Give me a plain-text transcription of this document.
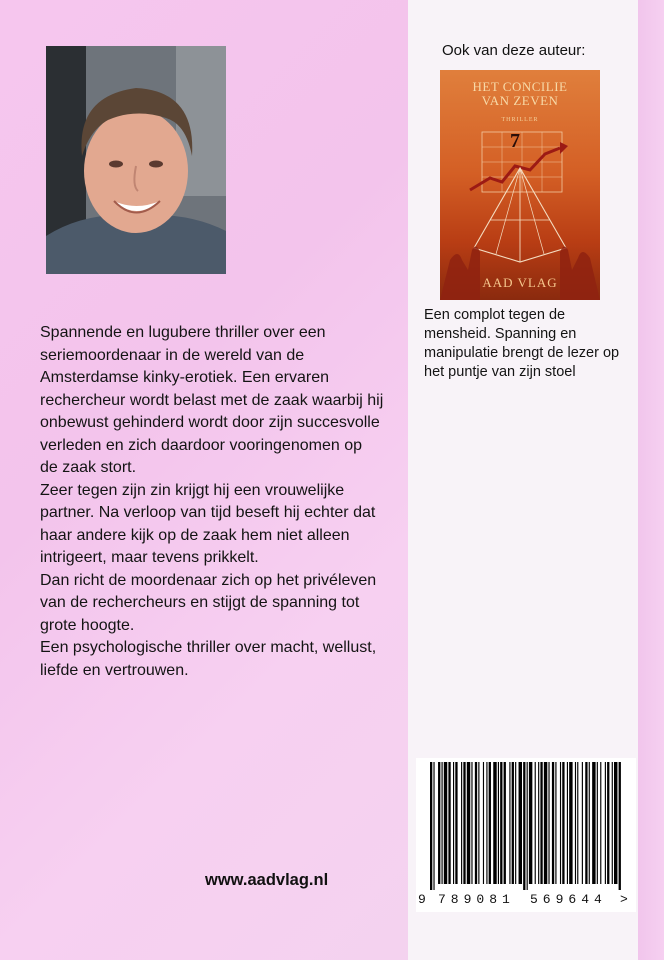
Spannende en lugubere thriller over een seriemoordenaar in de wereld van de Amsterdamse kinky-erotiek. Een ervaren rechercheur wordt belast met de zaak waarbij hij onbewust gehinderd wordt door zijn succesvolle verleden en zich daardoor vooringenomen op de zaak stort.

Zeer tegen zijn zin krijgt hij een vrouwelijke partner. Na verloop van tijd beseft hij echter dat haar andere kijk op de zaak hem niet alleen intrigeert, maar tevens prikkelt.

Dan richt de moordenaar zich op het privéleven van de rechercheurs en stijgt de spanning tot grote hoogte.

Een psychologische thriller over macht, wellust, liefde en vertrouwen.

www.aadvlag.nl
Ook van deze auteur:
HET CONCILIE
VAN ZEVEN
THRILLER
7
AAD VLAG

Een complot tegen de mensheid. Spanning en manipulatie brengt de lezer op het puntje van zijn stoel

9 789081 569644 >
